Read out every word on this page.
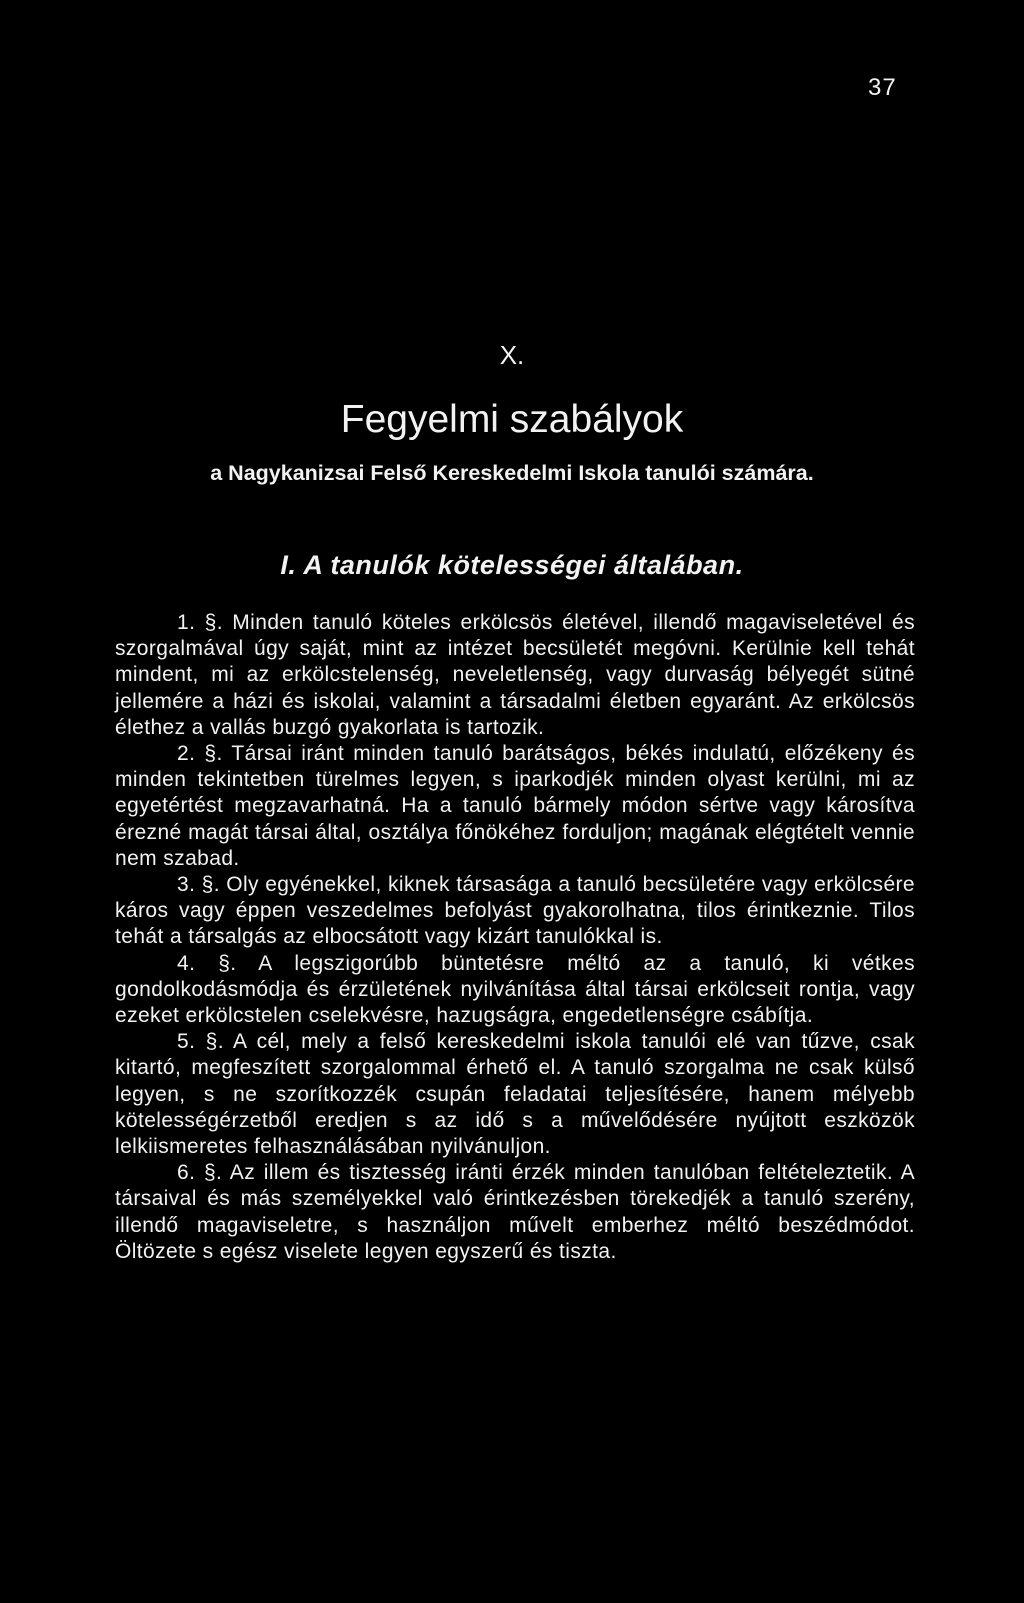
37
X.
Fegyelmi szabályok
a Nagykanizsai Felső Kereskedelmi Iskola tanulói számára.
I. A tanulók kötelességei általában.

1. §. Minden tanuló köteles erkölcsös életével, illendő magaviseletével és szorgalmával úgy saját, mint az intézet becsületét megóvni. Kerülnie kell tehát mindent, mi az erkölcstelenség, neveletlenség, vagy durvaság bélyegét sütné jellemére a házi és iskolai, valamint a társadalmi életben egyaránt. Az erkölcsös élethez a vallás buzgó gyakorlata is tartozik.

2. §. Társai iránt minden tanuló barátságos, békés indulatú, előzékeny és minden tekintetben türelmes legyen, s iparkodjék minden olyast kerülni, mi az egyetértést megzavarhatná. Ha a tanuló bármely módon sértve vagy károsítva érezné magát társai által, osztálya főnökéhez forduljon; magának elégtételt vennie nem szabad.

3. §. Oly egyénekkel, kiknek társasága a tanuló becsületére vagy erkölcsére káros vagy éppen veszedelmes befolyást gyakorolhatna, tilos érintkeznie. Tilos tehát a társalgás az elbocsátott vagy kizárt tanulókkal is.

4. §. A legszigorúbb büntetésre méltó az a tanuló, ki vétkes gondolkodásmódja és érzületének nyilvánítása által társai erkölcseit rontja, vagy ezeket erkölcstelen cselekvésre, hazugságra, engedetlenségre csábítja.

5. §. A cél, mely a felső kereskedelmi iskola tanulói elé van tűzve, csak kitartó, megfeszített szorgalommal érhető el. A tanuló szorgalma ne csak külső legyen, s ne szorítkozzék csupán feladatai teljesítésére, hanem mélyebb kötelességérzetből eredjen s az idő s a művelődésére nyújtott eszközök lelkiismeretes felhasználásában nyilvánuljon.

6. §. Az illem és tisztesség iránti érzék minden tanulóban feltételeztetik. A társaival és más személyekkel való érintkezésben törekedjék a tanuló szerény, illendő magaviseletre, s használjon művelt emberhez méltó beszédmódot. Öltözete s egész viselete legyen egyszerű és tiszta.
